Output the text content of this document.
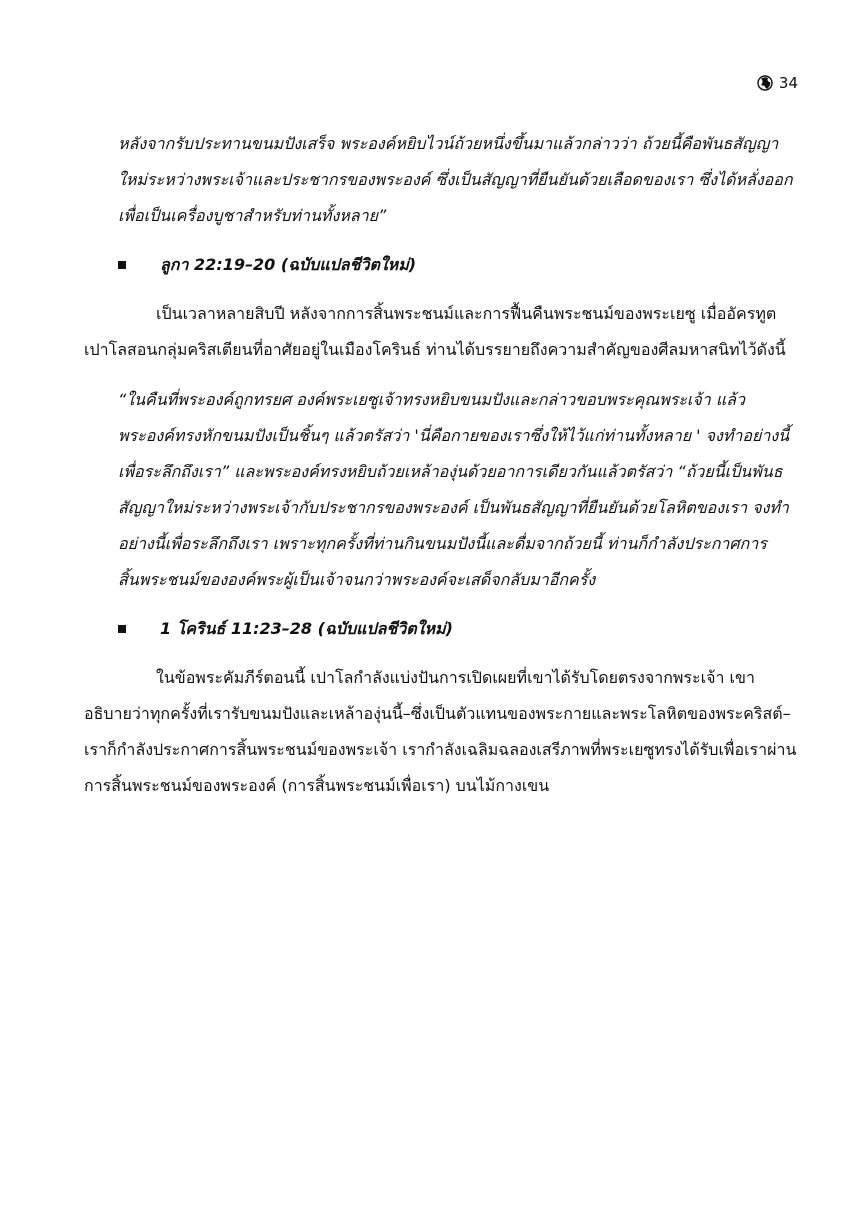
34

หลังจากรับประทานขนมปังเสร็จ พระองค์หยิบไวน์ถ้วยหนึ่งขึ้นมาแล้วกล่าวว่า ถ้วยนี้คือพันธสัญญาใหม่ระหว่างพระเจ้าและประชากรของพระองค์ ซึ่งเป็นสัญญาที่ยืนยันด้วยเลือดของเรา ซึ่งได้หลั่งออกเพื่อเป็นเครื่องบูชาสำหรับท่านทั้งหลาย”

ลูกา 22:19–20 (ฉบับแปลชีวิตใหม่)

เป็นเวลาหลายสิบปี หลังจากการสิ้นพระชนม์และการฟื้นคืนพระชนม์ของพระเยซู เมื่ออัครทูตเปาโลสอนกลุ่มคริสเตียนที่อาศัยอยู่ในเมืองโครินธ์ ท่านได้บรรยายถึงความสำคัญของศีลมหาสนิทไว้ดังนี้

“ในคืนที่พระองค์ถูกทรยศ องค์พระเยซูเจ้าทรงหยิบขนมปังและกล่าวขอบพระคุณพระเจ้า แล้วพระองค์ทรงหักขนมปังเป็นชิ้นๆ แล้วตรัสว่า 'นี่คือกายของเราซึ่งให้ไว้แก่ท่านทั้งหลาย ' จงทำอย่างนี้เพื่อระลึกถึงเรา” และพระองค์ทรงหยิบถ้วยเหล้าองุ่นด้วยอาการเดียวกันแล้วตรัสว่า “ถ้วยนี้เป็นพันธสัญญาใหม่ระหว่างพระเจ้ากับประชากรของพระองค์ เป็นพันธสัญญาที่ยืนยันด้วยโลหิตของเรา จงทำอย่างนี้เพื่อระลึกถึงเรา เพราะทุกครั้งที่ท่านกินขนมปังนี้และดื่มจากถ้วยนี้ ท่านก็กำลังประกาศการสิ้นพระชนม์ขององค์พระผู้เป็นเจ้าจนกว่าพระองค์จะเสด็จกลับมาอีกครั้ง

1 โครินธ์ 11:23–28 (ฉบับแปลชีวิตใหม่)

ในข้อพระคัมภีร์ตอนนี้ เปาโลกำลังแบ่งปันการเปิดเผยที่เขาได้รับโดยตรงจากพระเจ้า เขาอธิบายว่าทุกครั้งที่เรารับขนมปังและเหล้าองุ่นนี้–ซึ่งเป็นตัวแทนของพระกายและพระโลหิตของพระคริสต์–เราก็กำลังประกาศการสิ้นพระชนม์ของพระเจ้า เรากำลังเฉลิมฉลองเสรีภาพที่พระเยซูทรงได้รับเพื่อเราผ่านการสิ้นพระชนม์ของพระองค์ (การสิ้นพระชนม์เพื่อเรา) บนไม้กางเขน
